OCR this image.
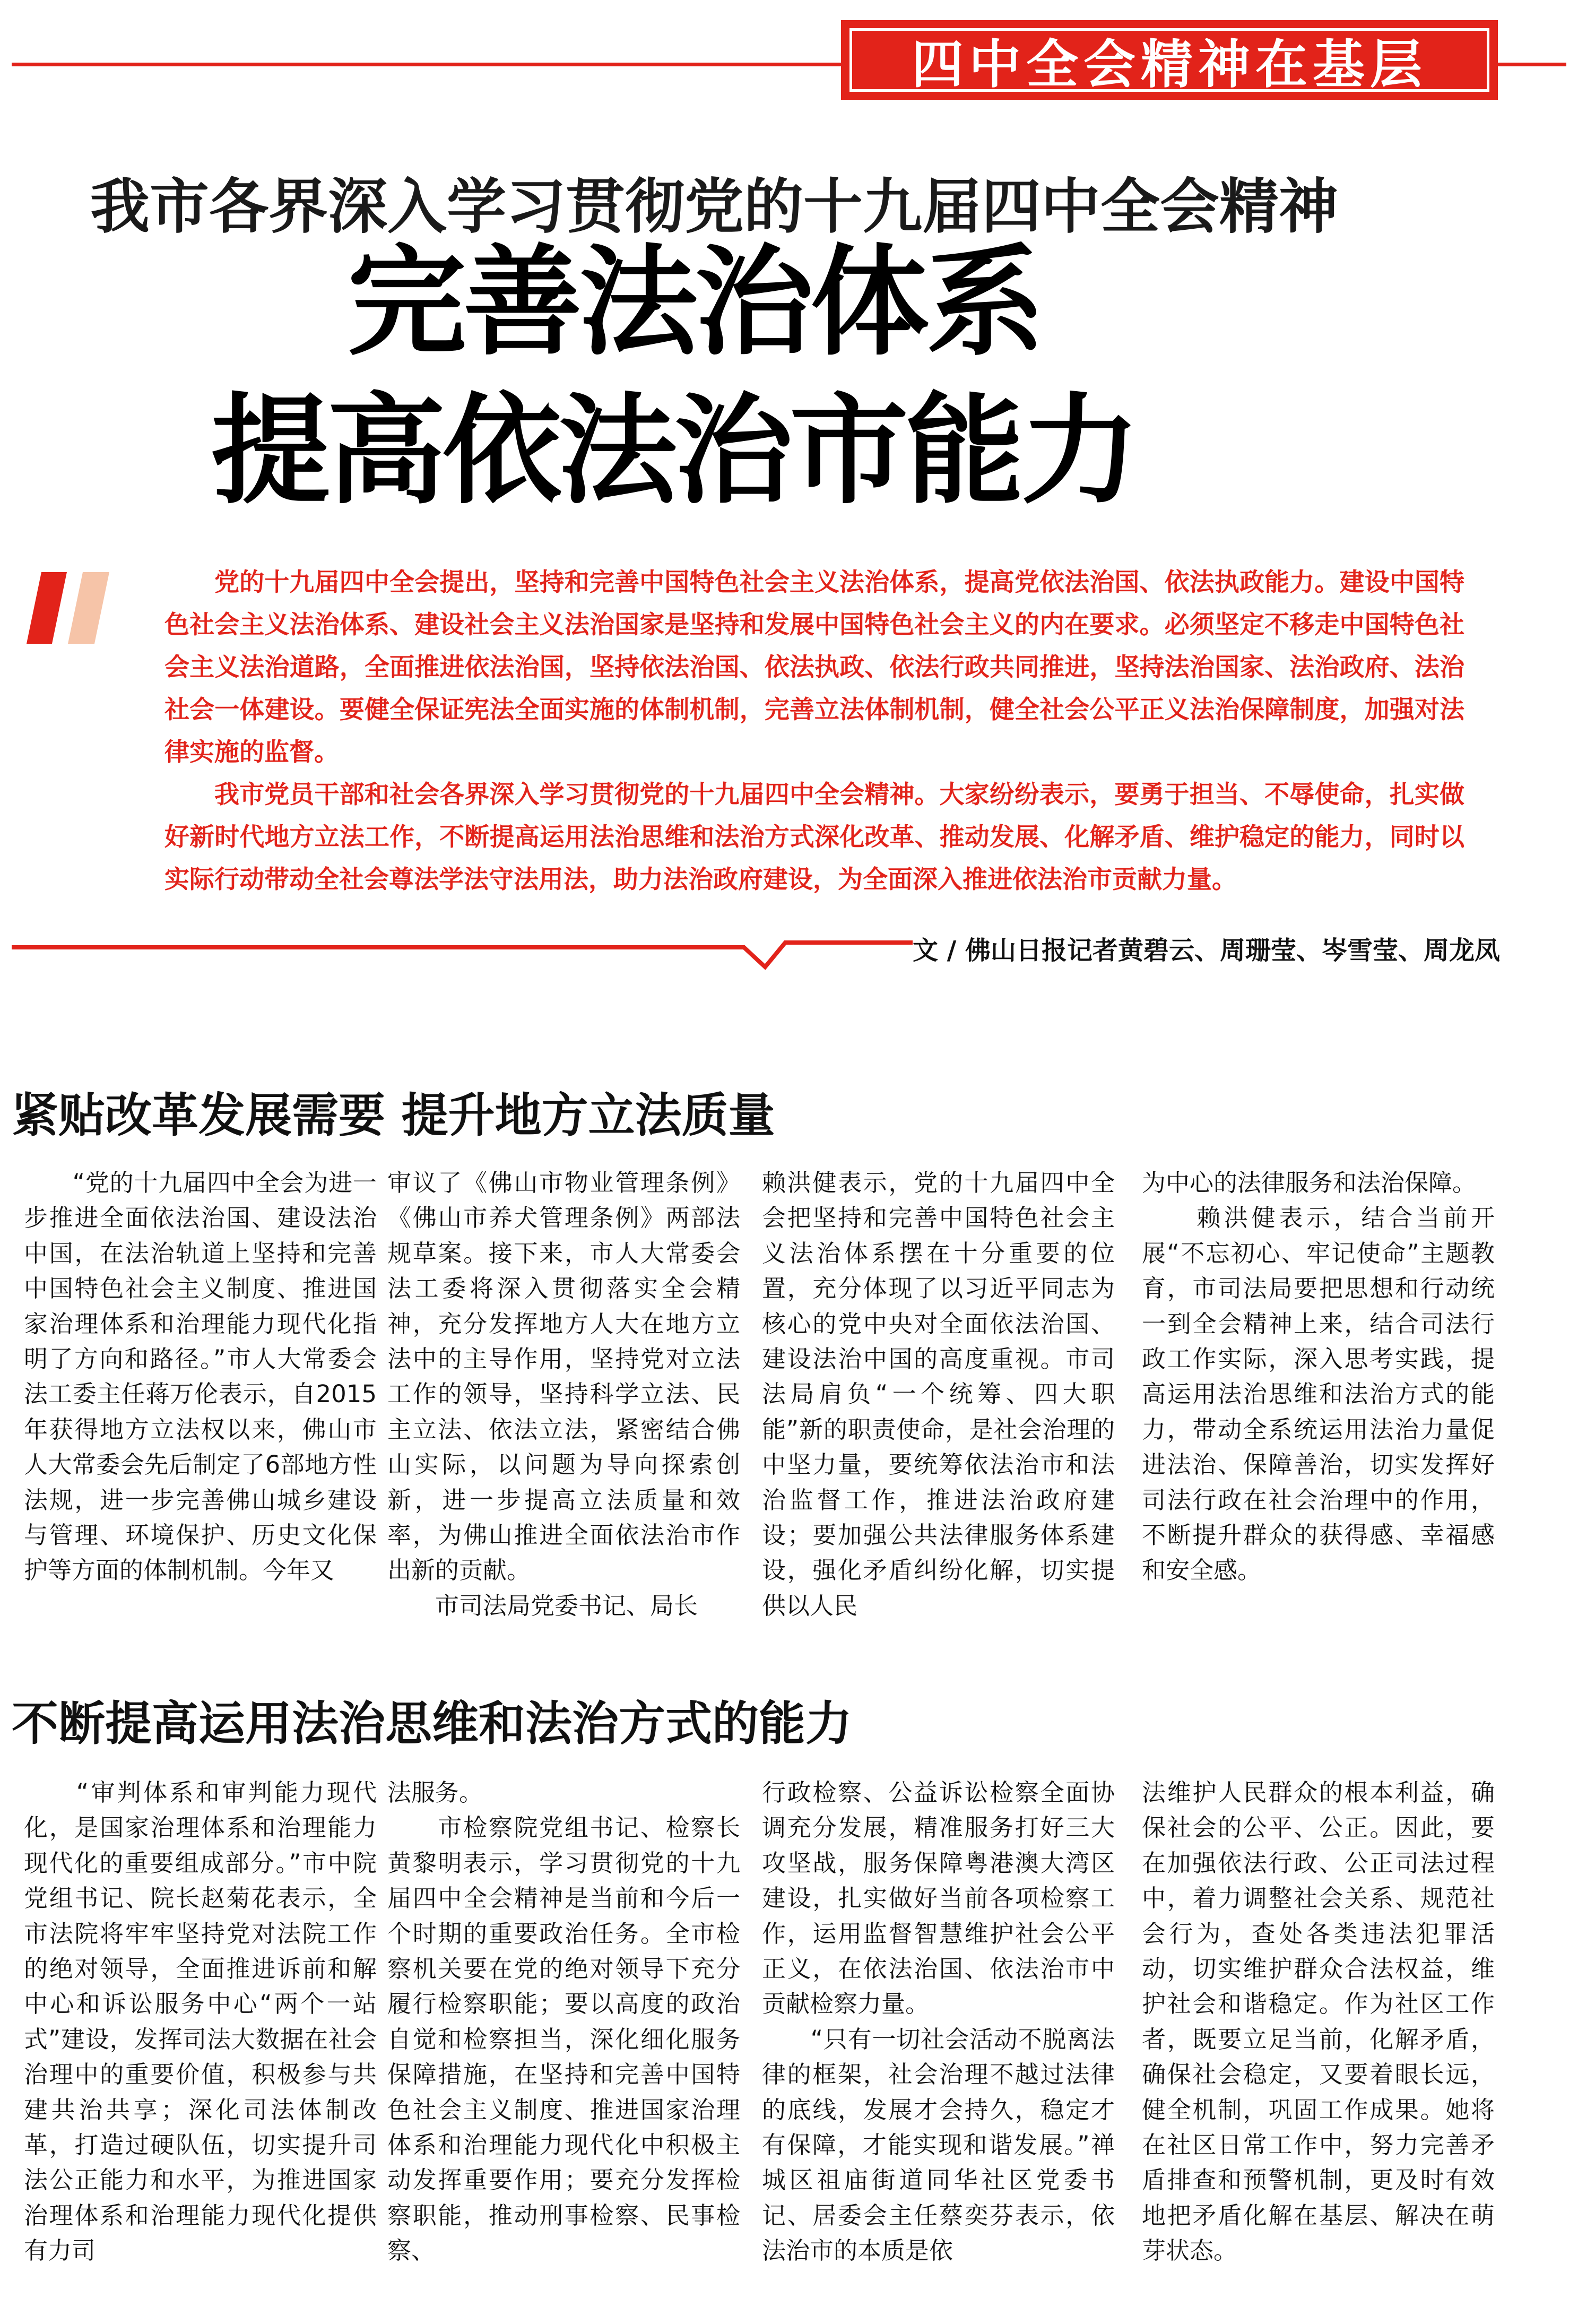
四中全会精神在基层
我市各界深入学习贯彻党的十九届四中全会精神
完善法治体系
提高依法治市能力

党的十九届四中全会提出，坚持和完善中国特色社会主义法治体系，提高党依法治国、依法执政能力。建设中国特色社会主义法治体系、建设社会主义法治国家是坚持和发展中国特色社会主义的内在要求。必须坚定不移走中国特色社会主义法治道路，全面推进依法治国，坚持依法治国、依法执政、依法行政共同推进，坚持法治国家、法治政府、法治社会一体建设。要健全保证宪法全面实施的体制机制，完善立法体制机制，健全社会公平正义法治保障制度，加强对法律实施的监督。

我市党员干部和社会各界深入学习贯彻党的十九届四中全会精神。大家纷纷表示，要勇于担当、不辱使命，扎实做好新时代地方立法工作，不断提高运用法治思维和法治方式深化改革、推动发展、化解矛盾、维护稳定的能力，同时以实际行动带动全社会尊法学法守法用法，助力法治政府建设，为全面深入推进依法治市贡献力量。

文 / 佛山日报记者黄碧云、周珊莹、岑雪莹、周龙凤
紧贴改革发展需要 提升地方立法质量
　　“党的十九届四中全会为进一步推进全面依法治国、建设法治中国，在法治轨道上坚持和完善中国特色社会主义制度、推进国家治理体系和治理能力现代化指明了方向和路径。”市人大常委会法工委主任蒋万伦表示，自2015年获得地方立法权以来，佛山市人大常委会先后制定了6部地方性法规，进一步完善佛山城乡建设与管理、环境保护、历史文化保护等方面的体制机制。今年又
审议了《佛山市物业管理条例》《佛山市养犬管理条例》两部法规草案。接下来，市人大常委会法工委将深入贯彻落实全会精神，充分发挥地方人大在地方立法中的主导作用，坚持党对立法工作的领导，坚持科学立法、民主立法、依法立法，紧密结合佛山实际，以问题为导向探索创新，进一步提高立法质量和效率，为佛山推进全面依法治市作出新的贡献。
　　市司法局党委书记、局长
赖洪健表示，党的十九届四中全会把坚持和完善中国特色社会主义法治体系摆在十分重要的位置，充分体现了以习近平同志为核心的党中央对全面依法治国、建设法治中国的高度重视。市司法局肩负“一个统筹、四大职能”新的职责使命，是社会治理的中坚力量，要统筹依法治市和法治监督工作，推进法治政府建设；要加强公共法律服务体系建设，强化矛盾纠纷化解，切实提供以人民
为中心的法律服务和法治保障。
　　赖洪健表示，结合当前开展“不忘初心、牢记使命”主题教育，市司法局要把思想和行动统一到全会精神上来，结合司法行政工作实际，深入思考实践，提高运用法治思维和法治方式的能力，带动全系统运用法治力量促进法治、保障善治，切实发挥好司法行政在社会治理中的作用，不断提升群众的获得感、幸福感和安全感。
不断提高运用法治思维和法治方式的能力
　　“审判体系和审判能力现代化，是国家治理体系和治理能力现代化的重要组成部分。”市中院党组书记、院长赵菊花表示，全市法院将牢牢坚持党对法院工作的绝对领导，全面推进诉前和解中心和诉讼服务中心“两个一站式”建设，发挥司法大数据在社会治理中的重要价值，积极参与共建共治共享；深化司法体制改革，打造过硬队伍，切实提升司法公正能力和水平，为推进国家治理体系和治理能力现代化提供有力司
法服务。
　　市检察院党组书记、检察长黄黎明表示，学习贯彻党的十九届四中全会精神是当前和今后一个时期的重要政治任务。全市检察机关要在党的绝对领导下充分履行检察职能；要以高度的政治自觉和检察担当，深化细化服务保障措施，在坚持和完善中国特色社会主义制度、推进国家治理体系和治理能力现代化中积极主动发挥重要作用；要充分发挥检察职能，推动刑事检察、民事检察、
行政检察、公益诉讼检察全面协调充分发展，精准服务打好三大攻坚战，服务保障粤港澳大湾区建设，扎实做好当前各项检察工作，运用监督智慧维护社会公平正义，在依法治国、依法治市中贡献检察力量。
　　“只有一切社会活动不脱离法律的框架，社会治理不越过法律的底线，发展才会持久，稳定才有保障，才能实现和谐发展。”禅城区祖庙街道同华社区党委书记、居委会主任蔡奕芬表示，依法治市的本质是依
法维护人民群众的根本利益，确保社会的公平、公正。因此，要在加强依法行政、公正司法过程中，着力调整社会关系、规范社会行为，查处各类违法犯罪活动，切实维护群众合法权益，维护社会和谐稳定。作为社区工作者，既要立足当前，化解矛盾，确保社会稳定，又要着眼长远，健全机制，巩固工作成果。她将在社区日常工作中，努力完善矛盾排查和预警机制，更及时有效地把矛盾化解在基层、解决在萌芽状态。
